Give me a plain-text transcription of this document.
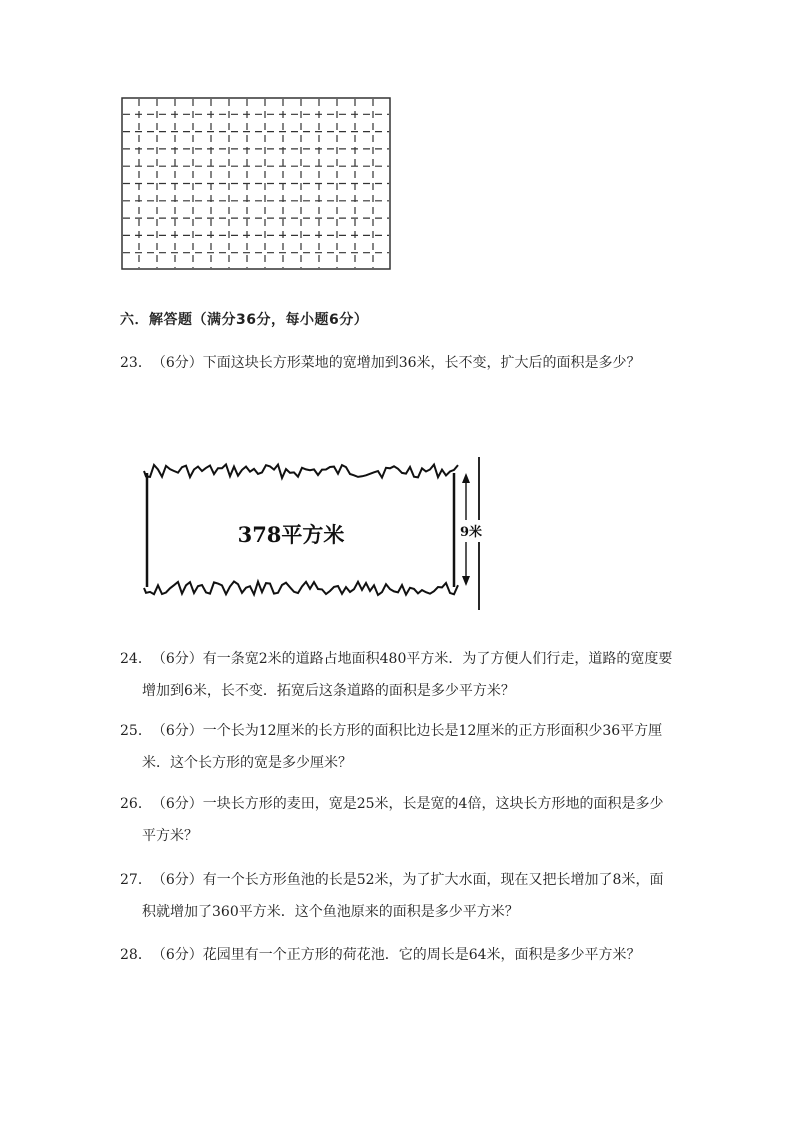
六．解答题（满分36分，每小题6分）
23．（6分）下面这块长方形菜地的宽增加到36米，长不变，扩大后的面积是多少？
9米
378平方米
24．（6分）有一条宽2米的道路占地面积480平方米．为了方便人们行走，道路的宽度要
增加到6米，长不变．拓宽后这条道路的面积是多少平方米？
25．（6分）一个长为12厘米的长方形的面积比边长是12厘米的正方形面积少36平方厘
米．这个长方形的宽是多少厘米？
26．（6分）一块长方形的麦田，宽是25米，长是宽的4倍，这块长方形地的面积是多少
平方米？
27．（6分）有一个长方形鱼池的长是52米，为了扩大水面，现在又把长增加了8米，面
积就增加了360平方米．这个鱼池原来的面积是多少平方米？
28．（6分）花园里有一个正方形的荷花池．它的周长是64米，面积是多少平方米？
